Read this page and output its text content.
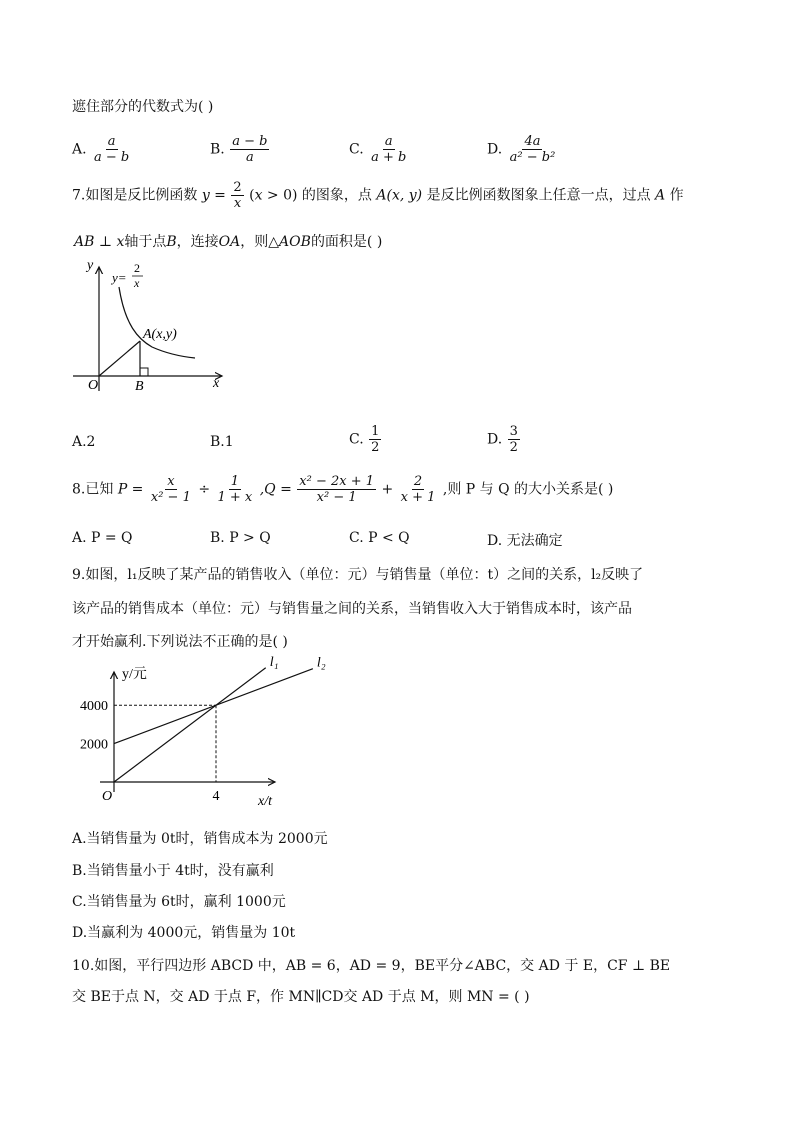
遮住部分的代数式为( )
A. $\frac{a}{a - b}$	B. $\frac{a - b}{a}$	C. $\frac{a}{a + b}$	D. $\frac{4a}{\text{a² − b²}}$
7.如图是反比例函数 $y = \frac{2}{x} (x > 0)$ 的图象，点 A(x, y) 是反比例函数图象上任意一点，过点 A 作
AB ⊥ x轴于点B，连接OA，则△AOB的面积是( )
y
x
O	B
A(x,y)
y=
2
x
A.2	B.1	C. $\frac{1}{2}$	D. $\frac{3}{2}$
8.已知 $P = \frac{x}{\text{x² − 1}} \div \frac{1}{1 + x} ,Q = \frac{\text{x² − 2x + 1}}{\text{x² − 1}} + \frac{2}{x + 1}$ ,则 P 与 Q 的大小关系是( )
A. P = Q	B. P > Q	C. P < Q	D. 无法确定
9.如图，l₁反映了某产品的销售收入（单位：元）与销售量（单位：t）之间的关系，l₂反映了
该产品的销售成本（单位：元）与销售量之间的关系，当销售收入大于销售成本时，该产品
才开始赢利.下列说法不正确的是( )
l₁	l₂
2000
4000
4
y/元
x/t
O
A.当销售量为 0t时，销售成本为 2000元
B.当销售量小于 4t时，没有赢利
C.当销售量为 6t时，赢利 1000元
D.当赢利为 4000元，销售量为 10t
10.如图，平行四边形 ABCD 中，AB = 6，AD = 9，BE平分∠ABC，交 AD 于 E，CF ⊥ BE
交 BE于点 N，交 AD 于点 F，作 MN∥CD交 AD 于点 M，则 MN = ( )
